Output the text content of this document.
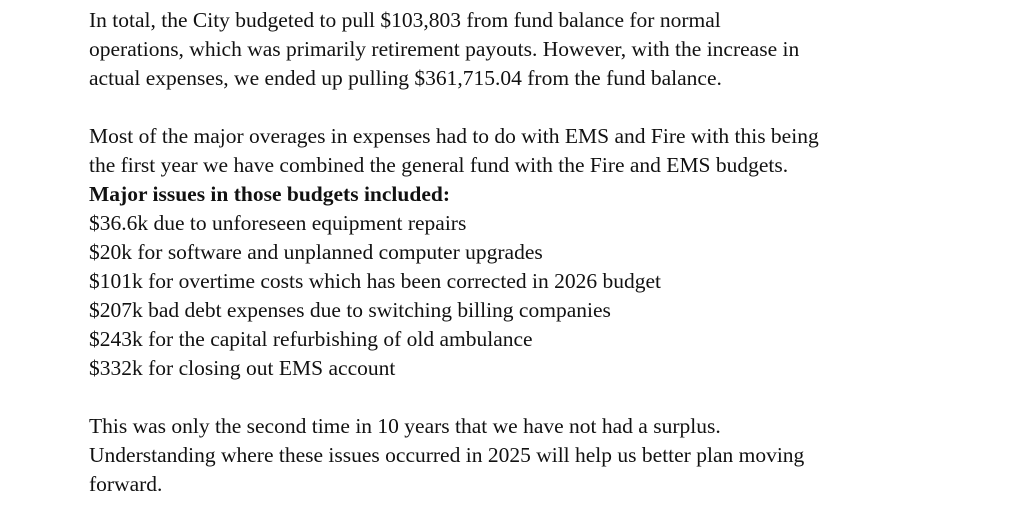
In total, the City budgeted to pull $103,803 from fund balance for normal
operations, which was primarily retirement payouts. However, with the increase in
actual expenses, we ended up pulling $361,715.04 from the fund balance.

Most of the major overages in expenses had to do with EMS and Fire with this being
the first year we have combined the general fund with the Fire and EMS budgets.
Major issues in those budgets included:
$36.6k due to unforeseen equipment repairs
$20k for software and unplanned computer upgrades
$101k for overtime costs which has been corrected in 2026 budget
$207k bad debt expenses due to switching billing companies
$243k for the capital refurbishing of old ambulance
$332k for closing out EMS account

This was only the second time in 10 years that we have not had a surplus.
Understanding where these issues occurred in 2025 will help us better plan moving
forward.
